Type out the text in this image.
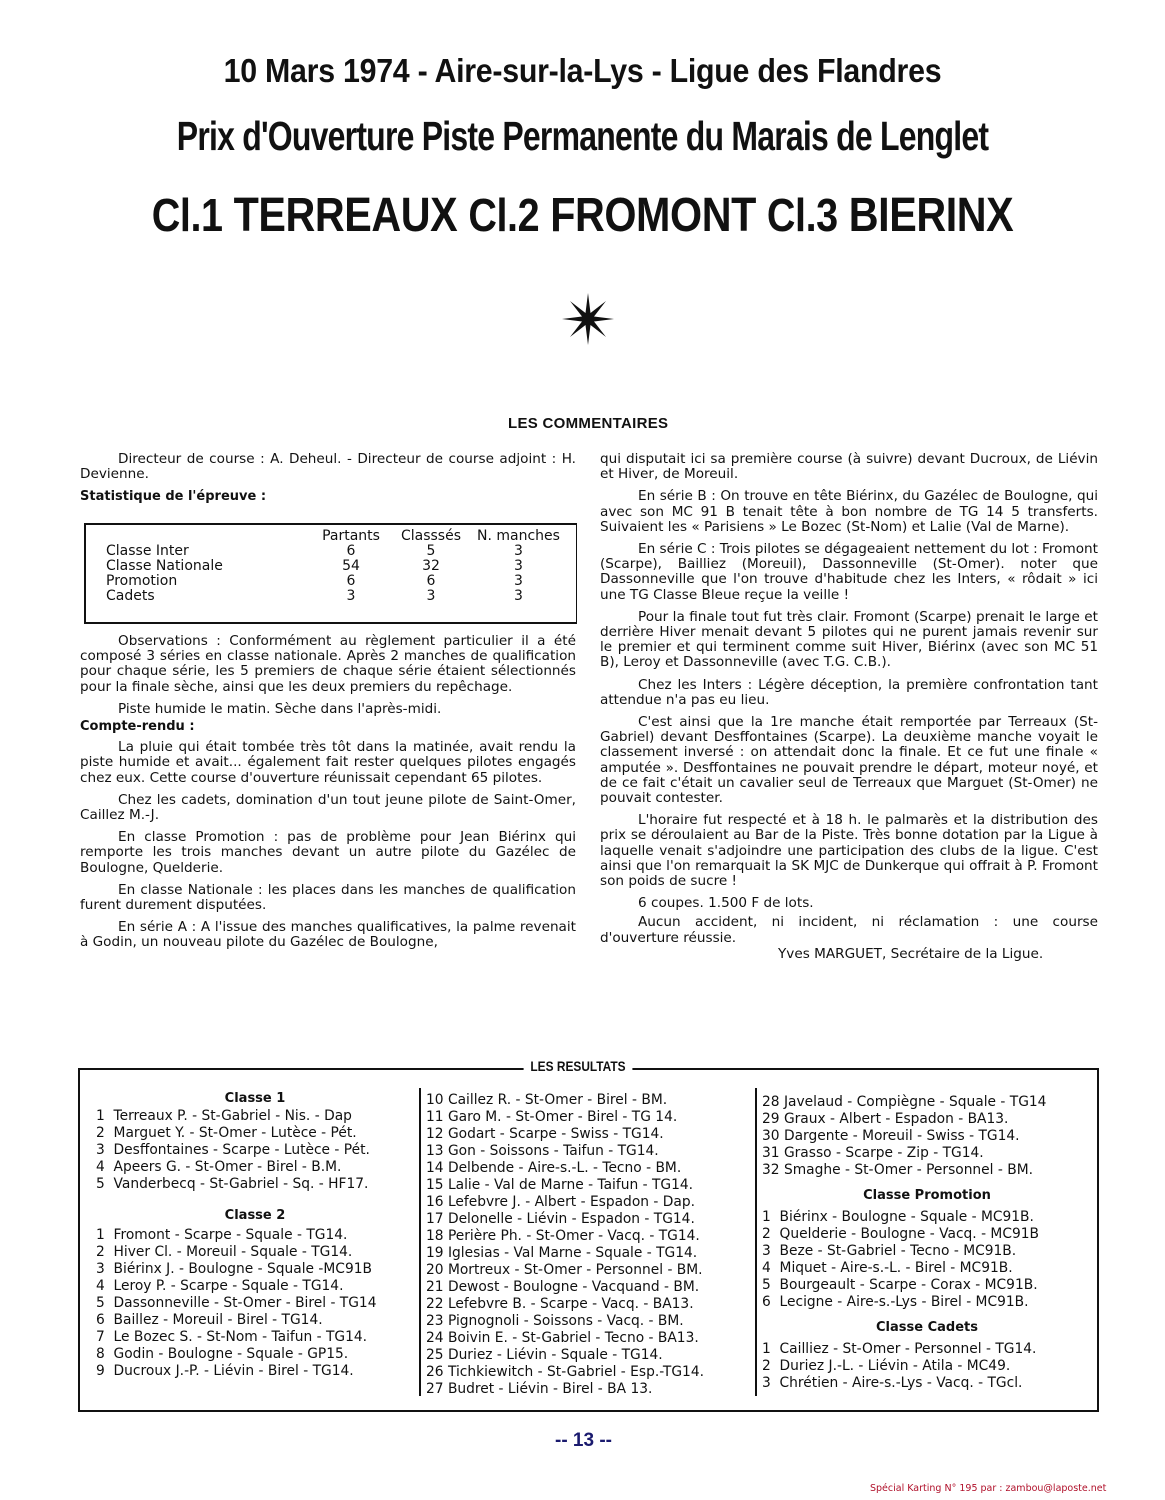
10 Mars 1974 - Aire-sur-la-Lys - Ligue des Flandres
Prix d'Ouverture Piste Permanente du Marais de Lenglet
Cl.1 TERREAUX Cl.2 FROMONT Cl.3 BIERINX
LES COMMENTAIRES

Directeur de course : A. Deheul. - Directeur de course adjoint : H. Devienne.

Statistique de l'épreuve :
	Partants	Classsés	N. manches
Classe Inter	6	5	3
Classe Nationale	54	32	3
Promotion	6	6	3
Cadets	3	3	3

Observations : Conformément au règlement particulier il a été composé 3 séries en classe nationale. Après 2 manches de qualification pour chaque série, les 5 premiers de chaque série étaient sélectionnés pour la finale sèche, ainsi que les deux premiers du repêchage.

Piste humide le matin. Sèche dans l'après-midi.

Compte-rendu :

La pluie qui était tombée très tôt dans la matinée, avait rendu la piste humide et avait... également fait rester quelques pilotes engagés chez eux. Cette course d'ouverture réunissait cependant 65 pilotes.

Chez les cadets, domination d'un tout jeune pilote de Saint-Omer, Caillez M.-J.

En classe Promotion : pas de problème pour Jean Biérinx qui remporte les trois manches devant un autre pilote du Gazélec de Boulogne, Quelderie.

En classe Nationale : les places dans les manches de qualification furent durement disputées.

En série A : A l'issue des manches qualificatives, la palme revenait à Godin, un nouveau pilote du Gazélec de Boulogne,

qui disputait ici sa première course (à suivre) devant Ducroux, de Liévin et Hiver, de Moreuil.

En série B : On trouve en tête Biérinx, du Gazélec de Boulogne, qui avec son MC 91 B tenait tête à bon nombre de TG 14 5 transferts. Suivaient les « Parisiens » Le Bozec (St-Nom) et Lalie (Val de Marne).

En série C : Trois pilotes se dégageaient nettement du lot : Fromont (Scarpe), Bailliez (Moreuil), Dassonneville (St-Omer). noter que Dassonneville que l'on trouve d'habitude chez les Inters, « rôdait » ici une TG Classe Bleue reçue la veille !

Pour la finale tout fut très clair. Fromont (Scarpe) prenait le large et derrière Hiver menait devant 5 pilotes qui ne purent jamais revenir sur le premier et qui terminent comme suit Hiver, Biérinx (avec son MC 51 B), Leroy et Dassonneville (avec T.G. C.B.).

Chez les Inters : Légère déception, la première confrontation tant attendue n'a pas eu lieu.

C'est ainsi que la 1re manche était remportée par Terreaux (St-Gabriel) devant Desffontaines (Scarpe). La deuxième manche voyait le classement inversé : on attendait donc la finale. Et ce fut une finale « amputée ». Desffontaines ne pouvait prendre le départ, moteur noyé, et de ce fait c'était un cavalier seul de Terreaux que Marguet (St-Omer) ne pouvait contester.

L'horaire fut respecté et à 18 h. le palmarès et la distribution des prix se déroulaient au Bar de la Piste. Très bonne dotation par la Ligue à laquelle venait s'adjoindre une participation des clubs de la ligue. C'est ainsi que l'on remarquait la SK MJC de Dunkerque qui offrait à P. Fromont son poids de sucre !

6 coupes. 1.500 F de lots.

Aucun accident, ni incident, ni réclamation : une course d'ouverture réussie.

Yves MARGUET, Secrétaire de la Ligue.
LES RESULTATS
Classe 1
1  Terreaux P. - St-Gabriel - Nis. - Dap
2  Marguet Y. - St-Omer - Lutèce - Pét.
3  Desffontaines - Scarpe - Lutèce - Pét.
4  Apeers G. - St-Omer - Birel - B.M.
5  Vanderbecq - St-Gabriel - Sq. - HF17.
Classe 2
1  Fromont - Scarpe - Squale - TG14.
2  Hiver Cl. - Moreuil - Squale - TG14.
3  Biérinx J. - Boulogne - Squale -MC91B
4  Leroy P. - Scarpe - Squale - TG14.
5  Dassonneville - St-Omer - Birel - TG14
6  Baillez - Moreuil - Birel - TG14.
7  Le Bozec S. - St-Nom - Taifun - TG14.
8  Godin - Boulogne - Squale - GP15.
9  Ducroux J.-P. - Liévin - Birel - TG14.
10 Caillez R. - St-Omer - Birel - BM.
11 Garo M. - St-Omer - Birel - TG 14.
12 Godart - Scarpe - Swiss - TG14.
13 Gon - Soissons - Taifun - TG14.
14 Delbende - Aire-s.-L. - Tecno - BM.
15 Lalie - Val de Marne - Taifun - TG14.
16 Lefebvre J. - Albert - Espadon - Dap.
17 Delonelle - Liévin - Espadon - TG14.
18 Perière Ph. - St-Omer - Vacq. - TG14.
19 Iglesias - Val Marne - Squale - TG14.
20 Mortreux - St-Omer - Personnel - BM.
21 Dewost - Boulogne - Vacquand - BM.
22 Lefebvre B. - Scarpe - Vacq. - BA13.
23 Pignognoli - Soissons - Vacq. - BM.
24 Boivin E. - St-Gabriel - Tecno - BA13.
25 Duriez - Liévin - Squale - TG14.
26 Tichkiewitch - St-Gabriel - Esp.-TG14.
27 Budret - Liévin - Birel - BA 13.
28 Javelaud - Compiègne - Squale - TG14
29 Graux - Albert - Espadon - BA13.
30 Dargente - Moreuil - Swiss - TG14.
31 Grasso - Scarpe - Zip - TG14.
32 Smaghe - St-Omer - Personnel - BM.
Classe Promotion
1  Biérinx - Boulogne - Squale - MC91B.
2  Quelderie - Boulogne - Vacq. - MC91B
3  Beze - St-Gabriel - Tecno - MC91B.
4  Miquet - Aire-s.-L. - Birel - MC91B.
5  Bourgeault - Scarpe - Corax - MC91B.
6  Lecigne - Aire-s.-Lys - Birel - MC91B.
Classe Cadets
1  Cailliez - St-Omer - Personnel - TG14.
2  Duriez J.-L. - Liévin - Atila - MC49.
3  Chrétien - Aire-s.-Lys - Vacq. - TGcl.
-- 13 --
Spécial Karting N° 195 par : zambou@laposte.net
